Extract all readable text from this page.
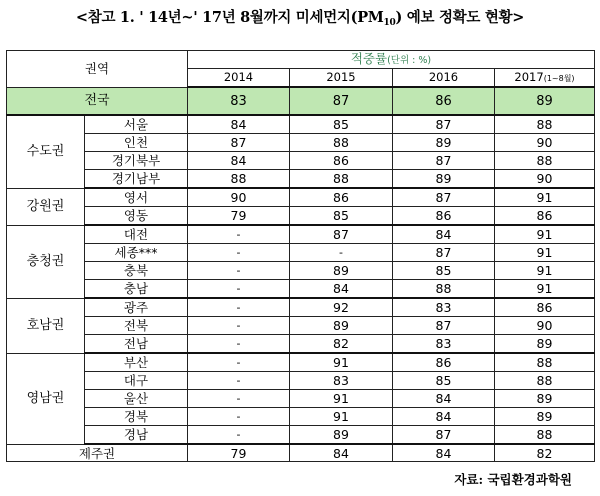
<참고 1. ' 14년~' 17년 8월까지 미세먼지$(PM_{10})$ 예보 정확도 현황>
권역		적중률(단위 : %)			
		2014	2015	2016	2017(1~8월)
전국		83	87	86	89
수도권	서울	84	85	87	88
	인천	87	88	89	90
	경기북부	84	86	87	88
	경기남부	88	88	89	90
강원권	영서	90	86	87	91
	영동	79	85	86	86
충청권	대전	-	87	84	91
	세종***	-	-	87	91
	충북	-	89	85	91
	충남	-	84	88	91
호남권	광주	-	92	83	86
	전북	-	89	87	90
	전남	-	82	83	89
영남권	부산	-	91	86	88
	대구	-	83	85	88
	울산	-	91	84	89
	경북	-	91	84	89
	경남	-	89	87	88
제주권		79	84	84	82
자료: 국립환경과학원
